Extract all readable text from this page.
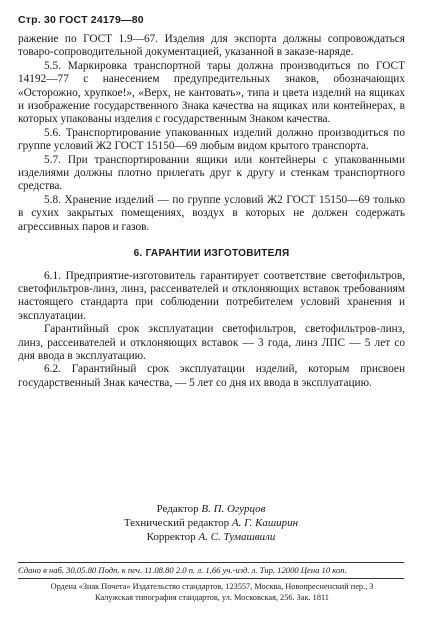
Стр. 30 ГОСТ 24179—80

ражение по ГОСТ 1.9—67. Изделия для экспорта должны сопровождаться товаро-сопроводительной документацией, указанной в заказе-наряде.

5.5. Маркировка транспортной тары должна производиться по ГОСТ 14192—77 с нанесением предупредительных знаков, обозначающих «Осторожно, хрупкое!», «Верх, не кантовать», типа и цвета изделий на ящиках и изображение государственного Знака качества на ящиках или контейнерах, в которых упакованы изделия с государственным Знаком качества.

5.6. Транспортирование упакованных изделий должно производиться по группе условий Ж2 ГОСТ 15150—69 любым видом крытого транспорта.

5.7. При транспортировании ящики или контейнеры с упакованными изделиями должны плотно прилегать друг к другу и стенкам транспортного средства.

5.8. Хранение изделий — по группе условий Ж2 ГОСТ 15150—69 только в сухих закрытых помещениях, воздух в которых не должен содержать агрессивных паров и газов.

6. ГАРАНТИИ ИЗГОТОВИТЕЛЯ

6.1. Предприятие-изготовитель гарантирует соответствие светофильтров, светофильтров-линз, линз, рассеивателей и отклоняющих вставок требованиям настоящего стандарта при соблюдении потребителем условий хранения и эксплуатации.

Гарантийный срок эксплуатации светофильтров, светофильтров-линз, линз, рассеивателей и отклоняющих вставок — 3 года, линз ЛПС — 5 лет со дня ввода в эксплуатацию.

6.2. Гарантийный срок эксплуатации изделий, которым присвоен государственный Знак качества, — 5 лет со дня их ввода в эксплуатацию.

Редактор В. П. Огурцов
Технический редактор А. Г. Каширин
Корректор А. С. Тумашвили
Сдано в наб. 30.05.80 Подп. к печ. 11.08.80 2.0 п. л. 1,66 уч.-изд. л. Тир. 12000 Цена 10 коп.
Ордена «Знак Почета» Издательство стандартов, 123557, Москва, Новопресненский пер., 3
Калужская типография стандартов, ул. Московская, 256. Зак. 1811
